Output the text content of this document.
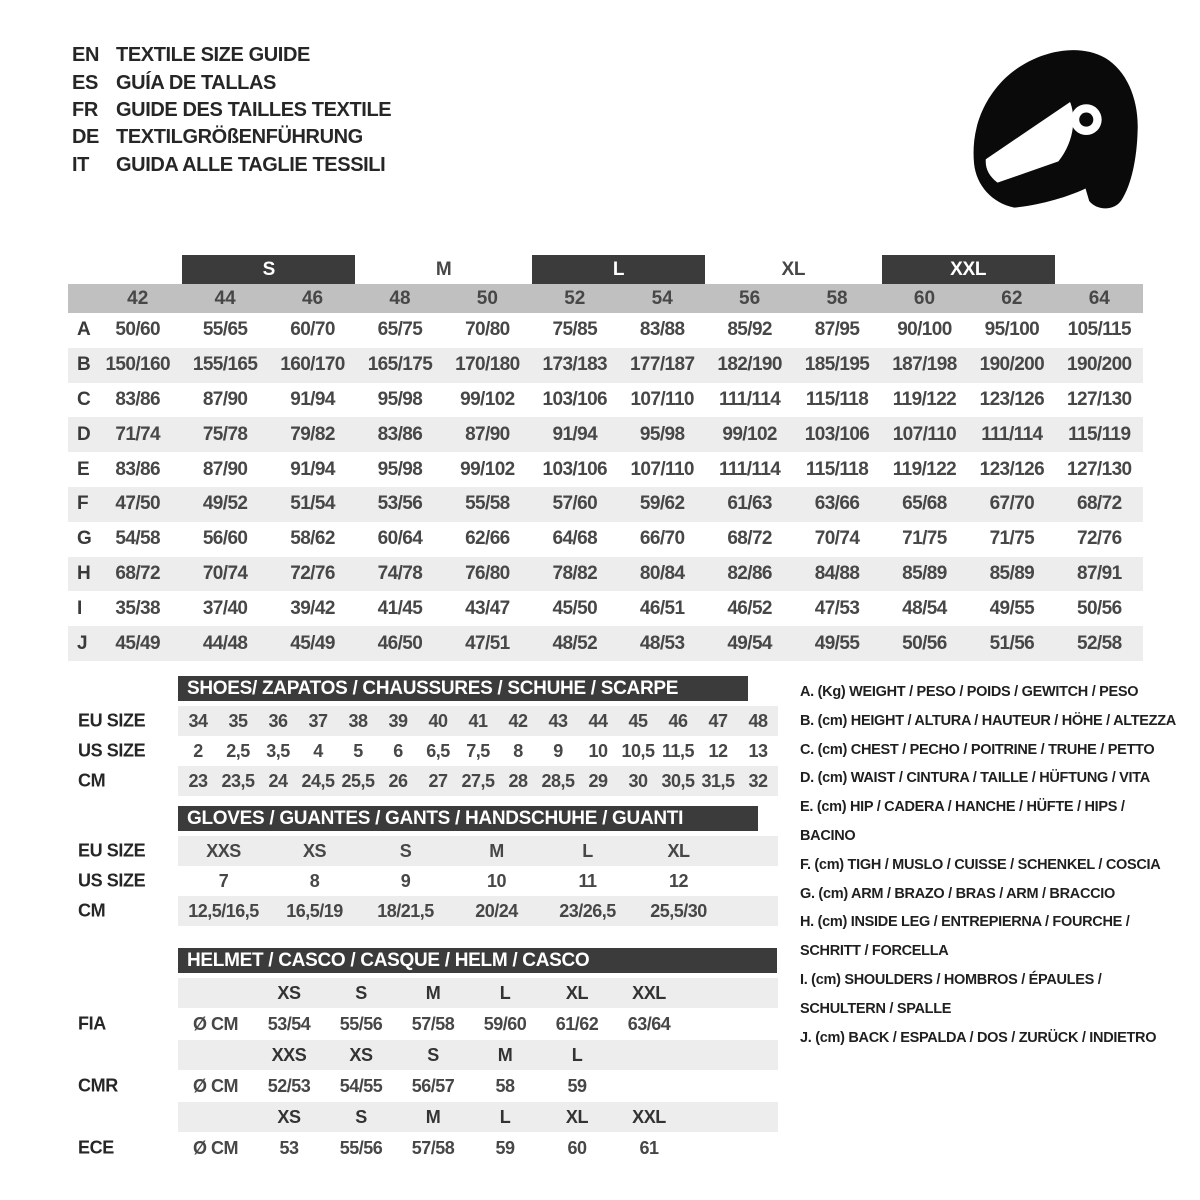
EN TEXTILE SIZE GUIDE
ES GUÍA DE TALLAS
FR GUIDE DES TAILLES TEXTILE
DE TEXTILGRÖßENFÜHRUNG
IT	GUIDA ALLE TAGLIE TESSILI
S	M	L	XL	XXL
42	44	46	48	50	52	54	56	58	60	62	64
A	50/60	55/65	60/70	65/75	70/80	75/85	83/88	85/92	87/95	90/100	95/100	105/115
B 150/160	155/165	160/170	165/175	170/180	173/183	177/187	182/190	185/195	187/198	190/200	190/200
C	83/86	87/90	91/94	95/98	99/102	103/106	107/110	111/114	115/118	119/122	123/126	127/130
D	71/74	75/78	79/82	83/86	87/90	91/94	95/98	99/102	103/106	107/110	111/114	115/119
E	83/86	87/90	91/94	95/98	99/102	103/106	107/110	111/114	115/118	119/122	123/126	127/130
F	47/50	49/52	51/54	53/56	55/58	57/60	59/62	61/63	63/66	65/68	67/70	68/72
G	54/58	56/60	58/62	60/64	62/66	64/68	66/70	68/72	70/74	71/75	71/75	72/76
H	68/72	70/74	72/76	74/78	76/80	78/82	80/84	82/86	84/88	85/89	85/89	87/91
I	35/38	37/40	39/42	41/45	43/47	45/50	46/51	46/52	47/53	48/54	49/55	50/56
J	45/49	44/48	45/49	46/50	47/51	48/52	48/53	49/54	49/55	50/56	51/56	52/58
SHOES/ ZAPATOS / CHAUSSURES / SCHUHE / SCARPE
EU SIZE 34 35 36 37 38 39 40 41 42 43 44 45 46 47 48
US SIZE	2 2,5 3,5 4 5 6 6,5 7,5 8 9 10 10,5 11,5 12 13
CM	23 23,5 24 24,5 25,5 26 27 27,5 28 28,5 29 30 30,5 31,5 32
GLOVES / GUANTES / GANTS / HANDSCHUHE / GUANTI
EU SIZE	XXS	XS	S	M	L	XL
US SIZE	7	8	9	10	11	12
CM	12,5/16,5 16,5/19 18/21,5 20/24 23/26,5 25,5/30
HELMET / CASCO / CASQUE / HELM / CASCO
XS	S	M	L	XL XXL
FIA	Ø CM 53/54 55/56 57/58 59/60 61/62 63/64
XXS XS	S	M	L
CMR	Ø CM 52/53 54/55 56/57 58	59
XS	S	M	L	XL XXL
ECE	Ø CM 53 55/56 57/58 59	60	61
A. (Kg) WEIGHT / PESO / POIDS / GEWITCH / PESO
B. (cm) HEIGHT / ALTURA / HAUTEUR / HÖHE / ALTEZZA
C. (cm) CHEST / PECHO / POITRINE / TRUHE / PETTO
D. (cm) WAIST / CINTURA / TAILLE / HÜFTUNG / VITA
E. (cm) HIP / CADERA / HANCHE / HÜFTE / HIPS / BACINO
F. (cm) TIGH / MUSLO / CUISSE / SCHENKEL / COSCIA
G. (cm) ARM / BRAZO / BRAS / ARM / BRACCIO
H. (cm) INSIDE LEG / ENTREPIERNA / FOURCHE / SCHRITT / FORCELLA
I. (cm) SHOULDERS / HOMBROS / ÉPAULES / SCHULTERN / SPALLE
J. (cm) BACK / ESPALDA / DOS / ZURÜCK / INDIETRO
